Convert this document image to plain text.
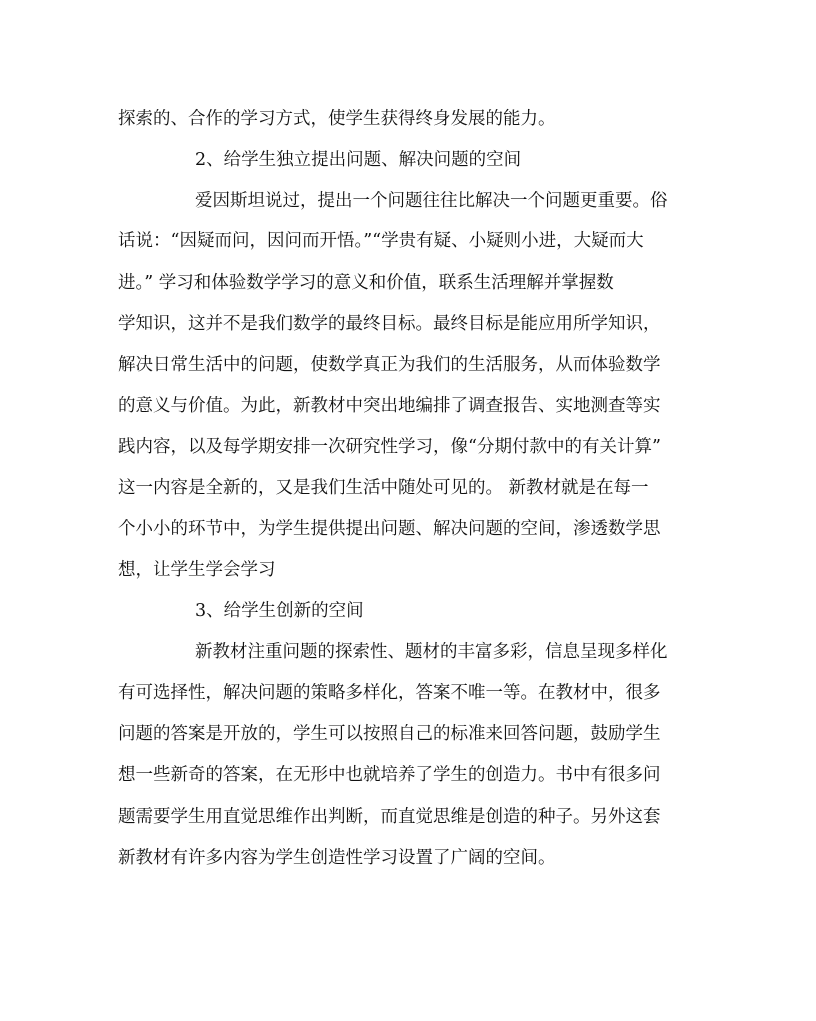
探索的、合作的学习方式，使学生获得终身发展的能力。
2、给学生独立提出问题、解决问题的空间
爱因斯坦说过，提出一个问题往往比解决一个问题更重要。俗
话说：“因疑而问，因问而开悟。”“学贵有疑、小疑则小进，大疑而大
进。” 学习和体验数学学习的意义和价值，联系生活理解并掌握数
学知识，这并不是我们数学的最终目标。最终目标是能应用所学知识，
解决日常生活中的问题，使数学真正为我们的生活服务，从而体验数学
的意义与价值。为此，新教材中突出地编排了调查报告、实地测查等实
践内容，以及每学期安排一次研究性学习，像“分期付款中的有关计算”
这一内容是全新的，又是我们生活中随处可见的。 新教材就是在每一
个小小的环节中，为学生提供提出问题、解决问题的空间，渗透数学思
想，让学生学会学习
3、给学生创新的空间
新教材注重问题的探索性、题材的丰富多彩，信息呈现多样化
有可选择性，解决问题的策略多样化，答案不唯一等。在教材中，很多
问题的答案是开放的，学生可以按照自己的标准来回答问题，鼓励学生
想一些新奇的答案，在无形中也就培养了学生的创造力。书中有很多问
题需要学生用直觉思维作出判断，而直觉思维是创造的种子。另外这套
新教材有许多内容为学生创造性学习设置了广阔的空间。
